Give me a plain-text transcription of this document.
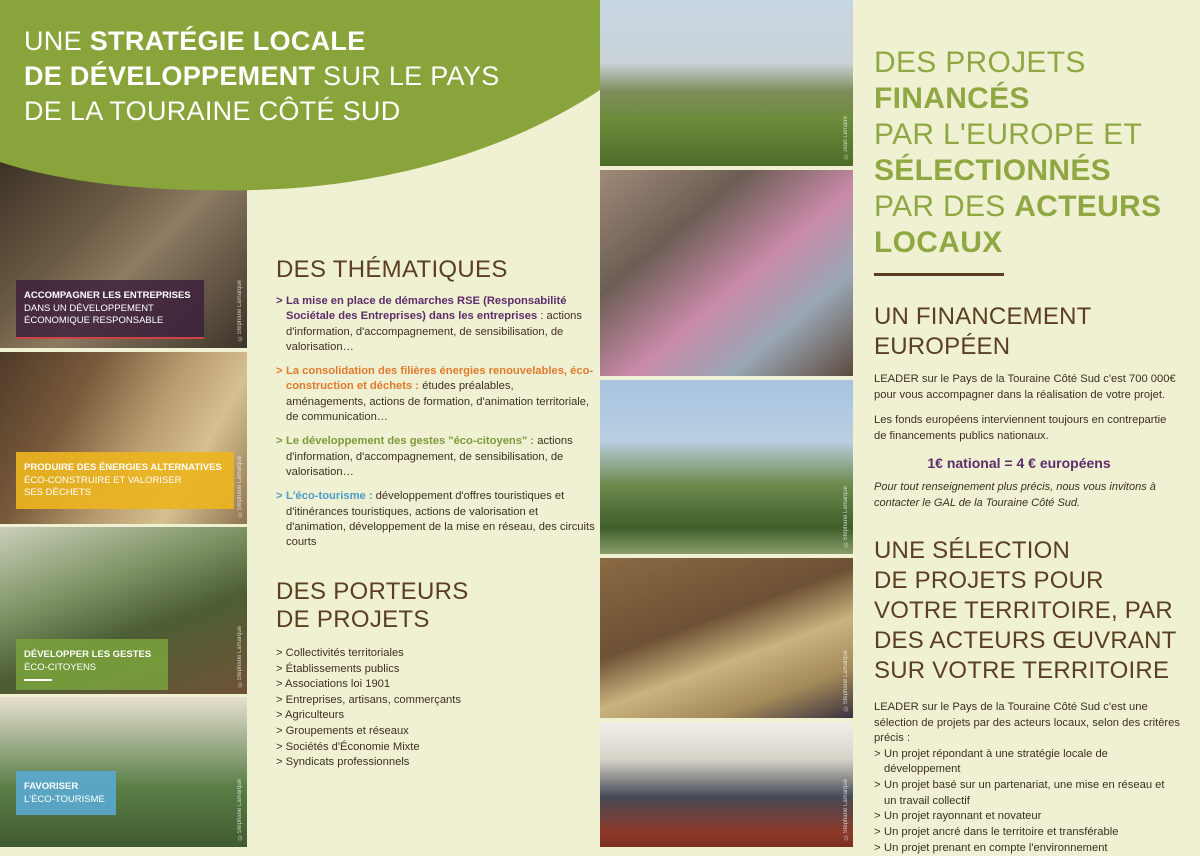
ACCOMPAGNER LES ENTREPRISES
DANS UN DÉVELOPPEMENT
ÉCONOMIQUE RESPONSABLE	©Stéphane Lamarque
PRODUIRE DES ÉNERGIES ALTERNATIVES
ÉCO-CONSTRUIRE ET VALORISER
SES DÉCHETS	©Stéphane Lamarque
DÉVELOPPER LES GESTES
ÉCO-CITOYENS	©Stéphane Lamarque
FAVORISER
L'ÉCO-TOURISME	©Stéphane Lamarque
UNE STRATÉGIE LOCALE
DE DÉVELOPPEMENT SUR LE PAYS
DE LA TOURAINE CÔTÉ SUD
DES THÉMATIQUES
> La mise en place de démarches RSE (Responsabilité Sociétale des Entreprises) dans les entreprises : actions d'information, d'accompagnement, de sensibilisation, de valorisation…
> La consolidation des filières énergies renouvelables, éco-construction et déchets : études préalables, aménagements, actions de formation, d'animation territoriale, de communication…
> Le développement des gestes "éco-citoyens" : actions d'information, d'accompagnement, de sensibilisation, de valorisation…
> L'éco-tourisme : développement d'offres touristiques et d'itinérances touristiques, actions de valorisation et d'animation, développement de la mise en réseau, des circuits courts
DES PORTEURS
DE PROJETS
> Collectivités territoriales
> Établissements publics
> Associations loi 1901
> Entreprises, artisans, commerçants
> Agriculteurs
> Groupements et réseaux
> Sociétés d'Économie Mixte
> Syndicats professionnels
©Jean Lemaire
©Stéphane Lamarque
©Stéphane Lamarque
©Stéphane Lamarque
DES PROJETS
FINANCÉS
PAR L'EUROPE ET
SÉLECTIONNÉS
PAR DES ACTEURS
LOCAUX
UN FINANCEMENT
EUROPÉEN

LEADER sur le Pays de la Touraine Côté Sud c'est 700 000€ pour vous accompagner dans la réalisation de votre projet.

Les fonds européens interviennent toujours en contrepartie de financements publics nationaux.

1€ national = 4 € européens

Pour tout renseignement plus précis, nous vous invitons à contacter le GAL de la Touraine Côté Sud.

UNE SÉLECTION
DE PROJETS POUR
VOTRE TERRITOIRE, PAR
DES ACTEURS ŒUVRANT
SUR VOTRE TERRITOIRE

LEADER sur le Pays de la Touraine Côté Sud c'est une sélection de projets par des acteurs locaux, selon des critères précis :

> Un projet répondant à une stratégie locale de développement
> Un projet basé sur un partenariat, une mise en réseau et un travail collectif
> Un projet rayonnant et novateur
> Un projet ancré dans le territoire et transférable
> Un projet prenant en compte l'environnement
